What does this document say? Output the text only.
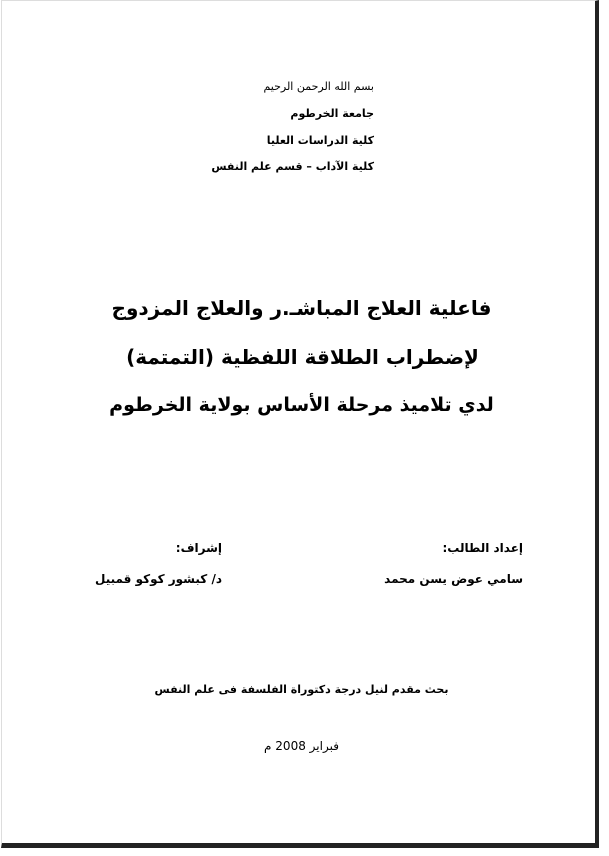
بسم الله الرحمن الرحيم
جامعة الخرطوم
كلية الدراسات العليا
كلية الآداب – قسم علم النفس
فاعلية العلاج المباشـ.ر والعلاج المزدوج
لإضطراب الطلاقة اللفظية (التمتمة)
لدي تلاميذ مرحلة الأساس بولاية الخرطوم
إعداد الطالب:
سامي عوض يسن محمد
إشراف:
د/ كبشور كوكو قمبيل
بحث مقدم لنيل درجة دكتوراة الفلسفة فى علم النفس
فبراير 2008 م
